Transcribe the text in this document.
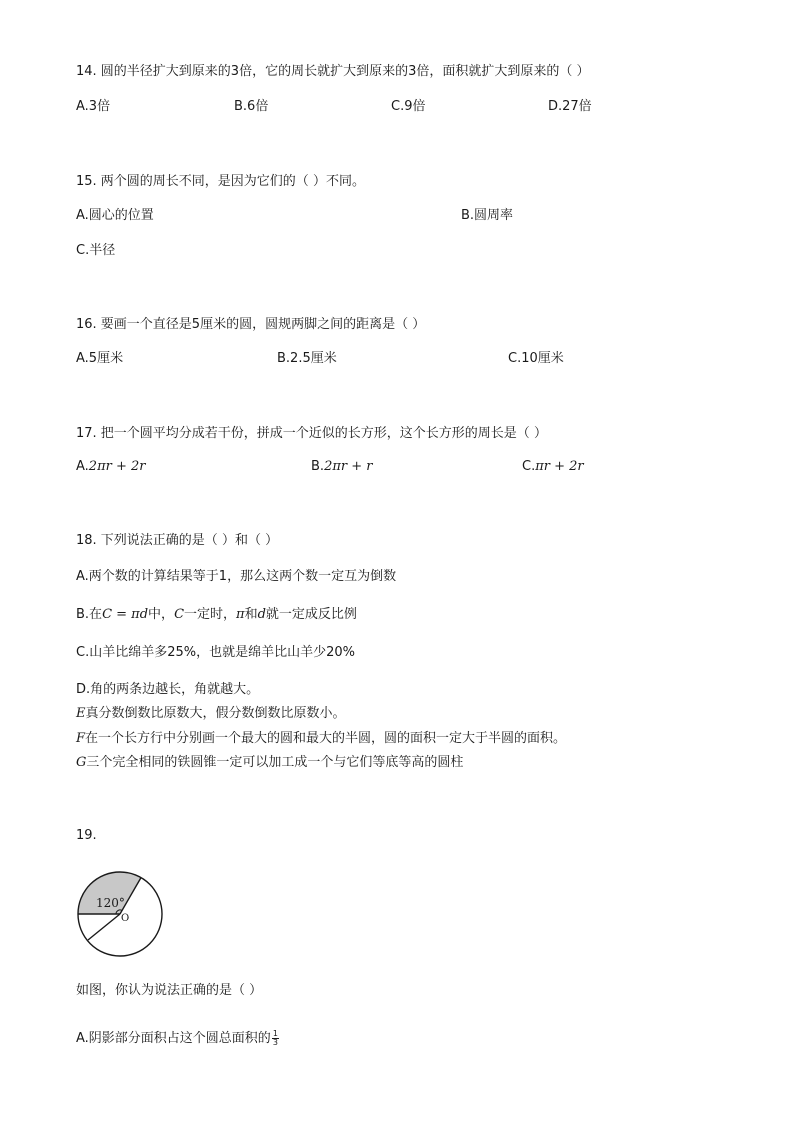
14. 圆的半径扩大到原来的3倍，它的周长就扩大到原来的3倍，面积就扩大到原来的（ ）
A.3倍	B.6倍	C.9倍	D.27倍
15. 两个圆的周长不同，是因为它们的（ ）不同。
A.圆心的位置	B.圆周率
C.半径
16. 要画一个直径是5厘米的圆，圆规两脚之间的距离是（ ）
A.5厘米	B.2.5厘米	C.10厘米
17. 把一个圆平均分成若干份，拼成一个近似的长方形，这个长方形的周长是（ ）
A.2πr + 2r	B.2πr + r	C.πr + 2r
18. 下列说法正确的是（ ）和（ ）
A.两个数的计算结果等于1，那么这两个数一定互为倒数
B.在C = πd中，C一定时，π和d就一定成反比例
C.山羊比绵羊多25%，也就是绵羊比山羊少20%
D.角的两条边越长，角就越大。
E真分数倒数比原数大，假分数倒数比原数小。
F在一个长方行中分别画一个最大的圆和最大的半圆，圆的面积一定大于半圆的面积。
G三个完全相同的铁圆锥一定可以加工成一个与它们等底等高的圆柱
19.
120°
O
如图，你认为说法正确的是（ ）
A.阴影部分面积占这个圆总面积的 $\frac{1}{3}$
